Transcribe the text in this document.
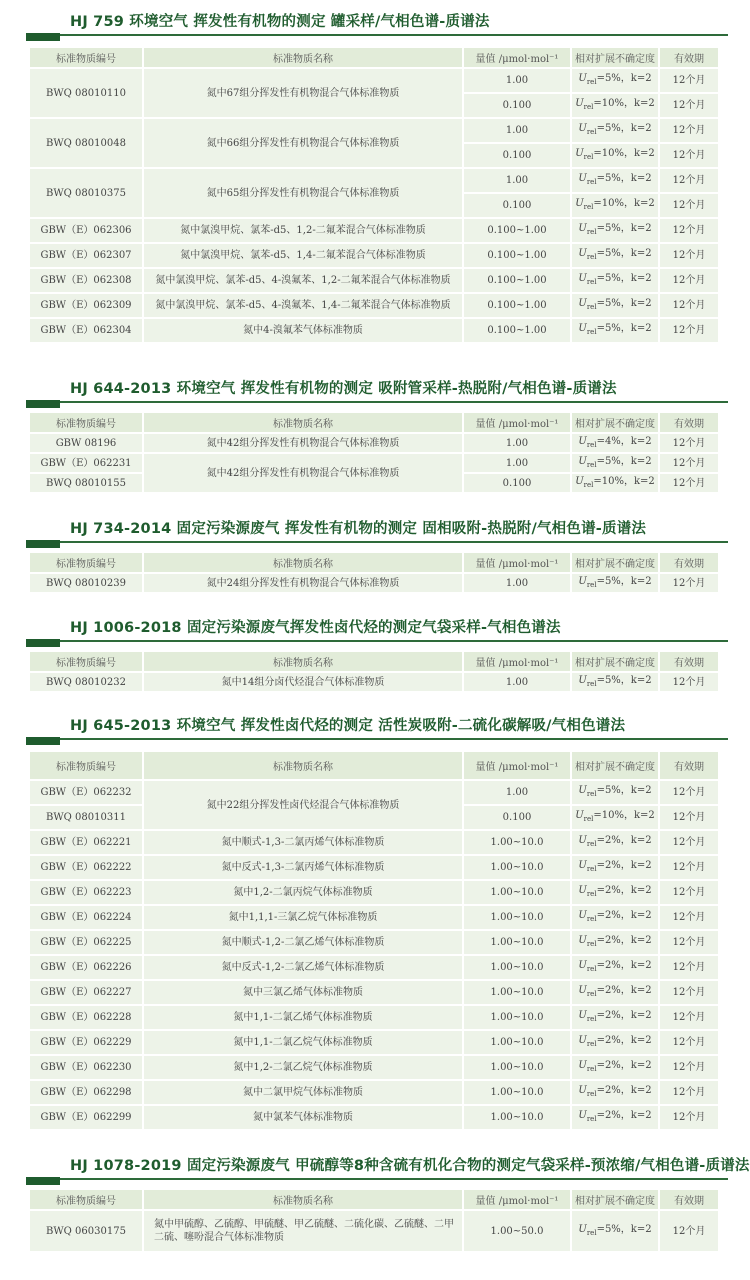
HJ 759 环境空气 挥发性有机物的测定 罐采样/气相色谱-质谱法
标准物质编号	标准物质名称	量值 /μmol·mol⁻¹	相对扩展不确定度	有效期
BWQ 08010110	氮中67组分挥发性有机物混合气体标准物质	1.00	$U_{rel}=5\%$，k=2	12个月
		0.100	$U_{rel}=10\%$，k=2	12个月
BWQ 08010048	氮中66组分挥发性有机物混合气体标准物质	1.00	$U_{rel}=5\%$，k=2	12个月
		0.100	$U_{rel}=10\%$，k=2	12个月
BWQ 08010375	氮中65组分挥发性有机物混合气体标准物质	1.00	$U_{rel}=5\%$，k=2	12个月
		0.100	$U_{rel}=10\%$，k=2	12个月
GBW（E）062306	氮中氯溴甲烷、氯苯-d5、1,2-二氟苯混合气体标准物质	0.100~1.00	$U_{rel}=5\%$，k=2	12个月
GBW（E）062307	氮中氯溴甲烷、氯苯-d5、1,4-二氟苯混合气体标准物质	0.100~1.00	$U_{rel}=5\%$，k=2	12个月
GBW（E）062308	氮中氯溴甲烷、氯苯-d5、4-溴氟苯、1,2-二氟苯混合气体标准物质	0.100~1.00	$U_{rel}=5\%$，k=2	12个月
GBW（E）062309	氮中氯溴甲烷、氯苯-d5、4-溴氟苯、1,4-二氟苯混合气体标准物质	0.100~1.00	$U_{rel}=5\%$，k=2	12个月
GBW（E）062304	氮中4-溴氟苯气体标准物质	0.100~1.00	$U_{rel}=5\%$，k=2	12个月
HJ 644-2013 环境空气 挥发性有机物的测定 吸附管采样-热脱附/气相色谱-质谱法
标准物质编号	标准物质名称	量值 /μmol·mol⁻¹	相对扩展不确定度	有效期
GBW 08196	氮中42组分挥发性有机物混合气体标准物质	1.00	$U_{rel}=4\%$，k=2	12个月
GBW（E）062231	氮中42组分挥发性有机物混合气体标准物质	1.00	$U_{rel}=5\%$，k=2	12个月
BWQ 08010155		0.100	$U_{rel}=10\%$，k=2	12个月
HJ 734-2014 固定污染源废气 挥发性有机物的测定 固相吸附-热脱附/气相色谱-质谱法
标准物质编号	标准物质名称	量值 /μmol·mol⁻¹	相对扩展不确定度	有效期
BWQ 08010239	氮中24组分挥发性有机物混合气体标准物质	1.00	$U_{rel}=5\%$，k=2	12个月
HJ 1006-2018 固定污染源废气挥发性卤代烃的测定气袋采样-气相色谱法
标准物质编号	标准物质名称	量值 /μmol·mol⁻¹	相对扩展不确定度	有效期
BWQ 08010232	氮中14组分卤代烃混合气体标准物质	1.00	$U_{rel}=5\%$，k=2	12个月
HJ 645-2013 环境空气 挥发性卤代烃的测定 活性炭吸附-二硫化碳解吸/气相色谱法
标准物质编号	标准物质名称	量值 /μmol·mol⁻¹	相对扩展不确定度	有效期
GBW（E）062232	氮中22组分挥发性卤代烃混合气体标准物质	1.00	$U_{rel}=5\%$，k=2	12个月
BWQ 08010311		0.100	$U_{rel}=10\%$，k=2	12个月
GBW（E）062221	氮中顺式-1,3-二氯丙烯气体标准物质	1.00~10.0	$U_{rel}=2\%$，k=2	12个月
GBW（E）062222	氮中反式-1,3-二氯丙烯气体标准物质	1.00~10.0	$U_{rel}=2\%$，k=2	12个月
GBW（E）062223	氮中1,2-二氯丙烷气体标准物质	1.00~10.0	$U_{rel}=2\%$，k=2	12个月
GBW（E）062224	氮中1,1,1-三氯乙烷气体标准物质	1.00~10.0	$U_{rel}=2\%$，k=2	12个月
GBW（E）062225	氮中顺式-1,2-二氯乙烯气体标准物质	1.00~10.0	$U_{rel}=2\%$，k=2	12个月
GBW（E）062226	氮中反式-1,2-二氯乙烯气体标准物质	1.00~10.0	$U_{rel}=2\%$，k=2	12个月
GBW（E）062227	氮中三氯乙烯气体标准物质	1.00~10.0	$U_{rel}=2\%$，k=2	12个月
GBW（E）062228	氮中1,1-二氯乙烯气体标准物质	1.00~10.0	$U_{rel}=2\%$，k=2	12个月
GBW（E）062229	氮中1,1-二氯乙烷气体标准物质	1.00~10.0	$U_{rel}=2\%$，k=2	12个月
GBW（E）062230	氮中1,2-二氯乙烷气体标准物质	1.00~10.0	$U_{rel}=2\%$，k=2	12个月
GBW（E）062298	氮中二氯甲烷气体标准物质	1.00~10.0	$U_{rel}=2\%$，k=2	12个月
GBW（E）062299	氮中氯苯气体标准物质	1.00~10.0	$U_{rel}=2\%$，k=2	12个月
HJ 1078-2019 固定污染源废气 甲硫醇等8种含硫有机化合物的测定气袋采样-预浓缩/气相色谱-质谱法
标准物质编号	标准物质名称	量值 /μmol·mol⁻¹	相对扩展不确定度	有效期
BWQ 06030175	氮中甲硫醇、乙硫醇、甲硫醚、甲乙硫醚、二硫化碳、乙硫醚、二甲二硫、噻吩混合气体标准物质	1.00~50.0	$U_{rel}=5\%$，k=2	12个月
